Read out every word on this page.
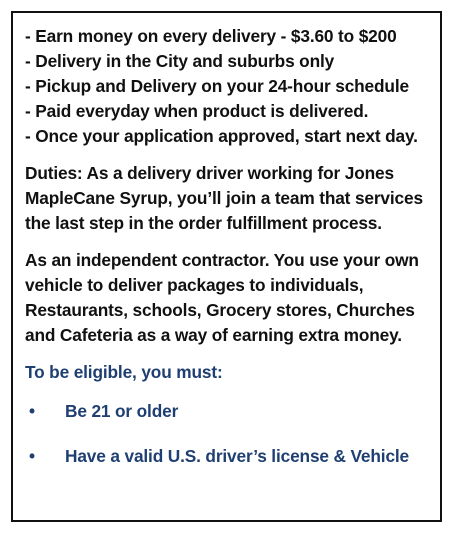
- Earn money on every delivery - $3.60 to $200
- Delivery in the City and suburbs only
- Pickup and Delivery on your 24-hour schedule
- Paid everyday when product is delivered.
- Once your application approved, start next day.
Duties: As a delivery driver working for Jones
MapleCane Syrup, you’ll join a team that services
the last step in the order fulfillment process.
As an independent contractor. You use your own
vehicle to deliver packages to individuals,
Restaurants, schools, Grocery stores, Churches
and Cafeteria as a way of earning extra money.
To be eligible, you must:
•	Be 21 or older
•	Have a valid U.S. driver’s license & Vehicle
